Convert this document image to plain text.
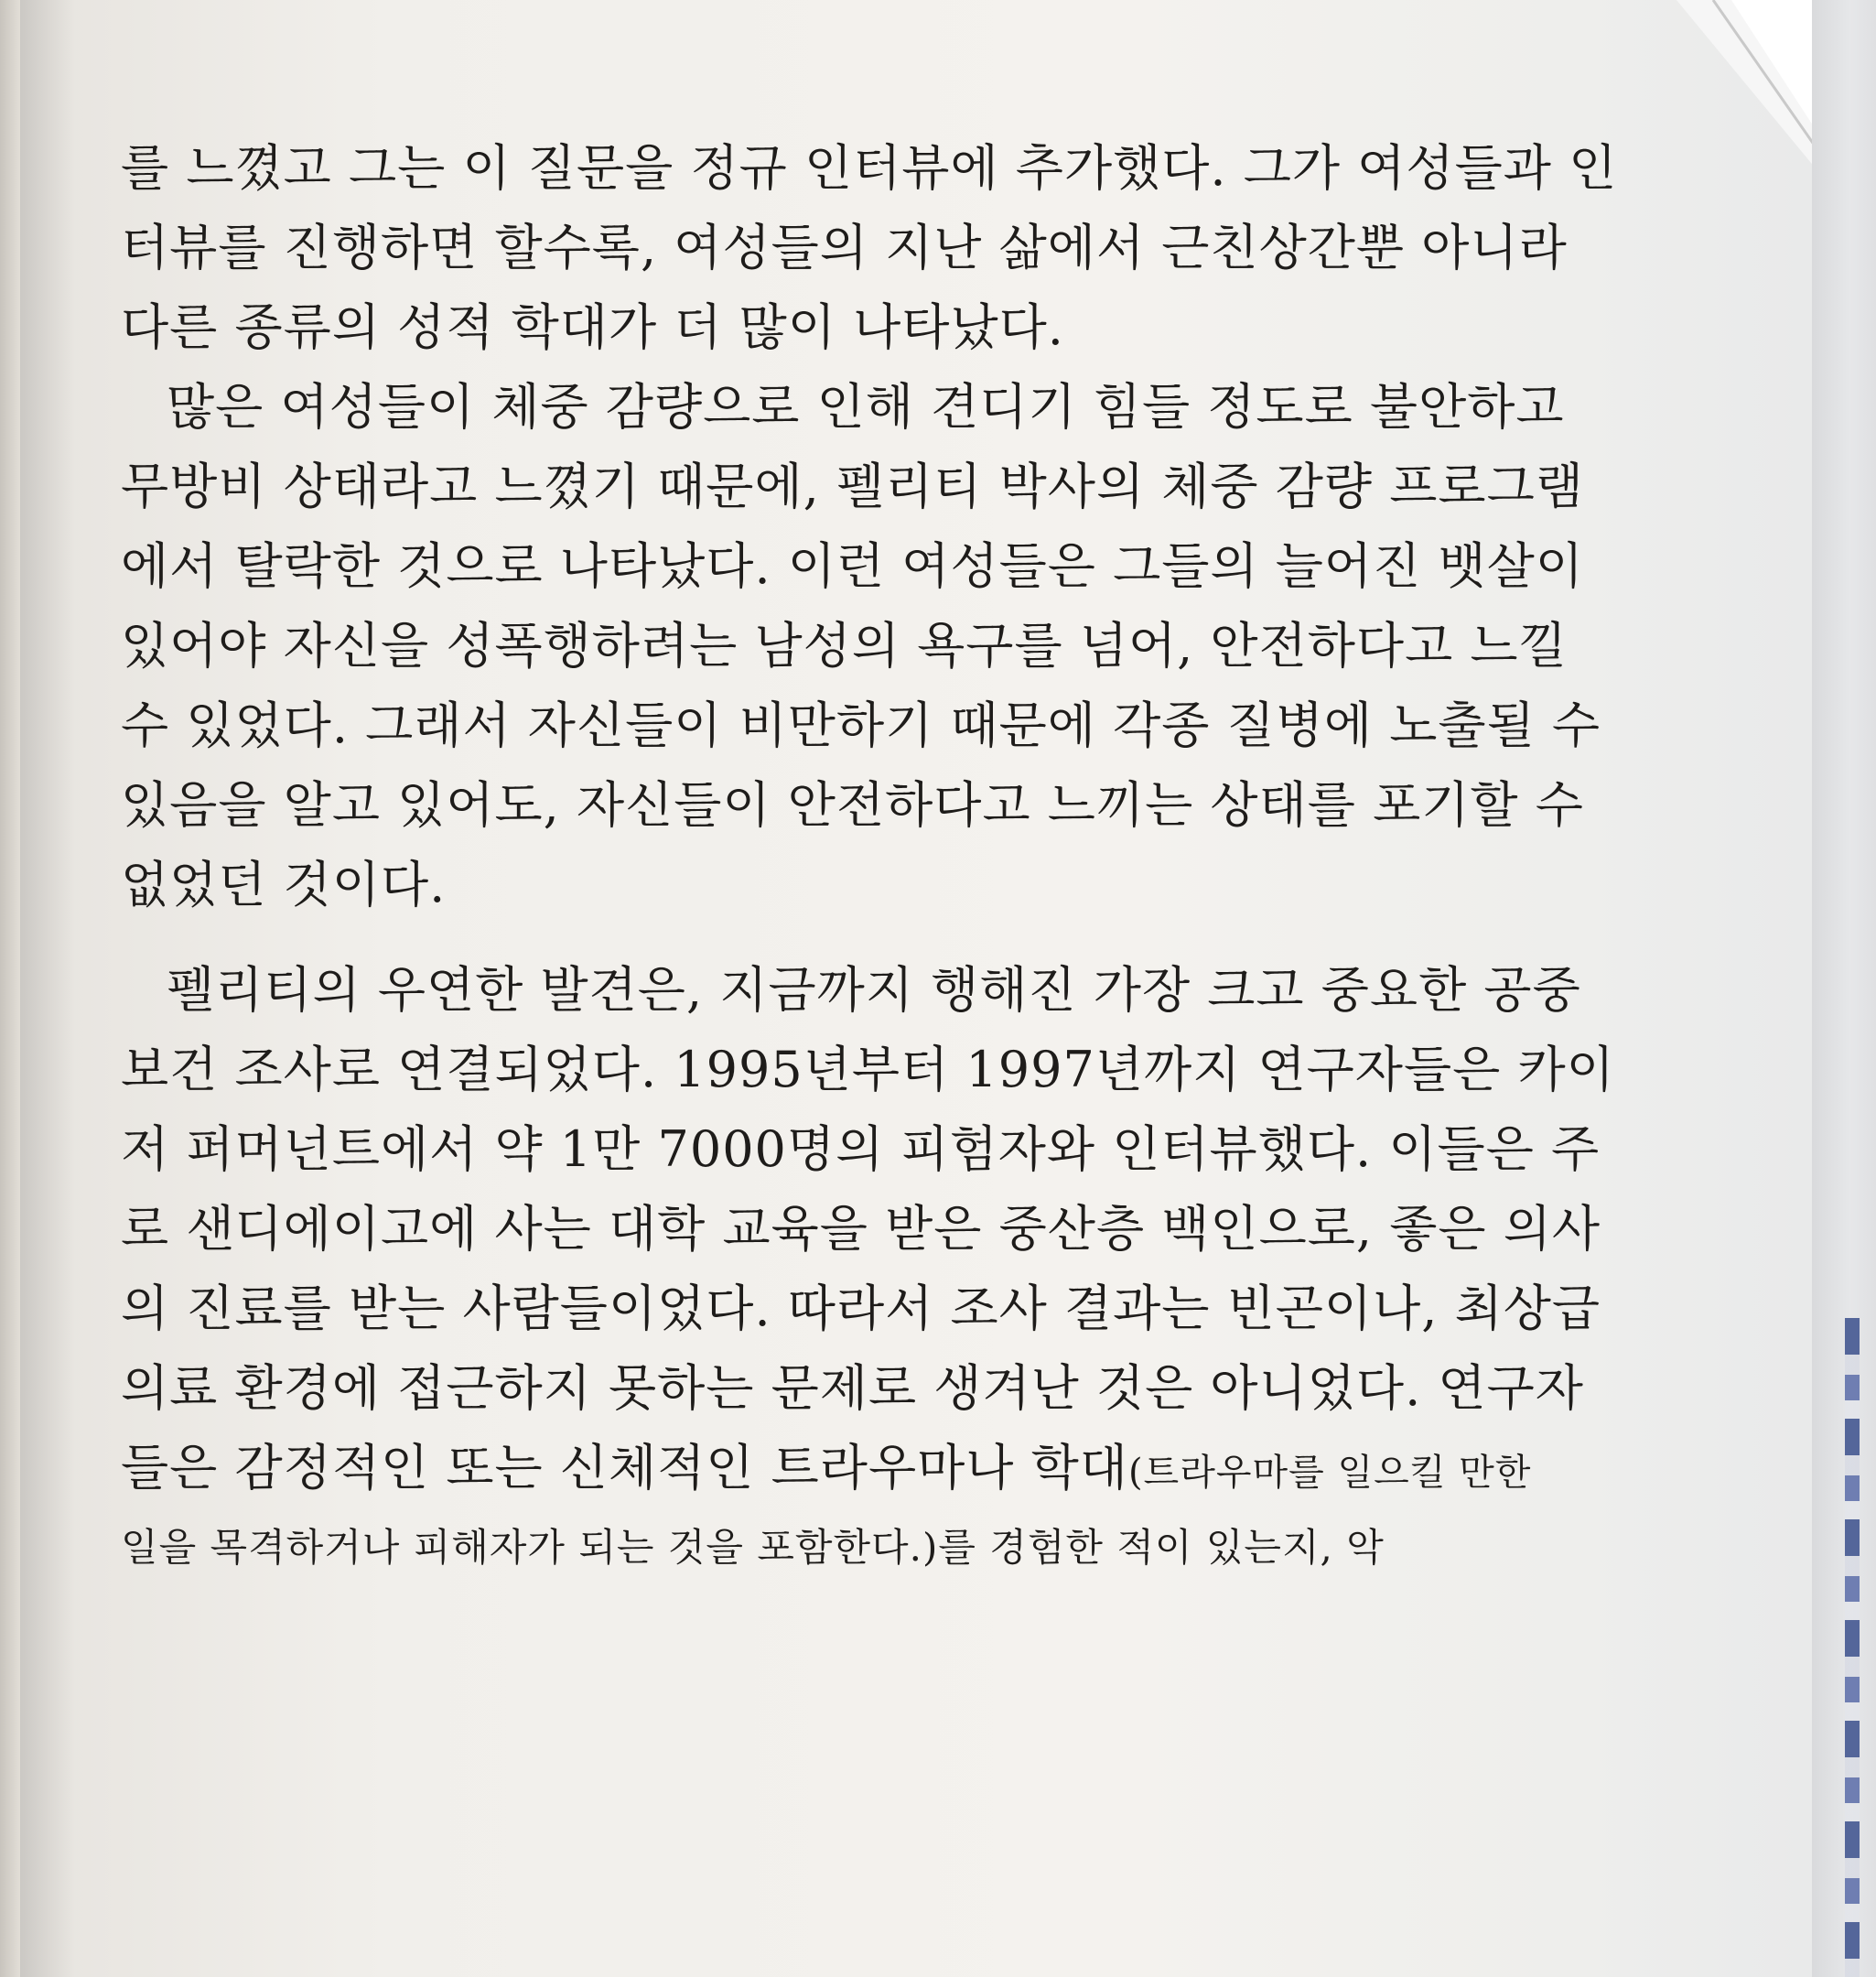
를 느꼈고 그는 이 질문을 정규 인터뷰에 추가했다. 그가 여성들과 인
터뷰를 진행하면 할수록, 여성들의 지난 삶에서 근친상간뿐 아니라
다른 종류의 성적 학대가 더 많이 나타났다.
많은 여성들이 체중 감량으로 인해 견디기 힘들 정도로 불안하고
무방비 상태라고 느꼈기 때문에, 펠리티 박사의 체중 감량 프로그램
에서 탈락한 것으로 나타났다. 이런 여성들은 그들의 늘어진 뱃살이
있어야 자신을 성폭행하려는 남성의 욕구를 넘어, 안전하다고 느낄
수 있었다. 그래서 자신들이 비만하기 때문에 각종 질병에 노출될 수
있음을 알고 있어도, 자신들이 안전하다고 느끼는 상태를 포기할 수
없었던 것이다.
펠리티의 우연한 발견은, 지금까지 행해진 가장 크고 중요한 공중
보건 조사로 연결되었다. 1995년부터 1997년까지 연구자들은 카이
저 퍼머넌트에서 약 1만 7000명의 피험자와 인터뷰했다. 이들은 주
로 샌디에이고에 사는 대학 교육을 받은 중산층 백인으로, 좋은 의사
의 진료를 받는 사람들이었다. 따라서 조사 결과는 빈곤이나, 최상급
의료 환경에 접근하지 못하는 문제로 생겨난 것은 아니었다. 연구자
들은 감정적인 또는 신체적인 트라우마나 학대(트라우마를 일으킬 만한
일을 목격하거나 피해자가 되는 것을 포함한다.)를 경험한 적이 있는지, 악
